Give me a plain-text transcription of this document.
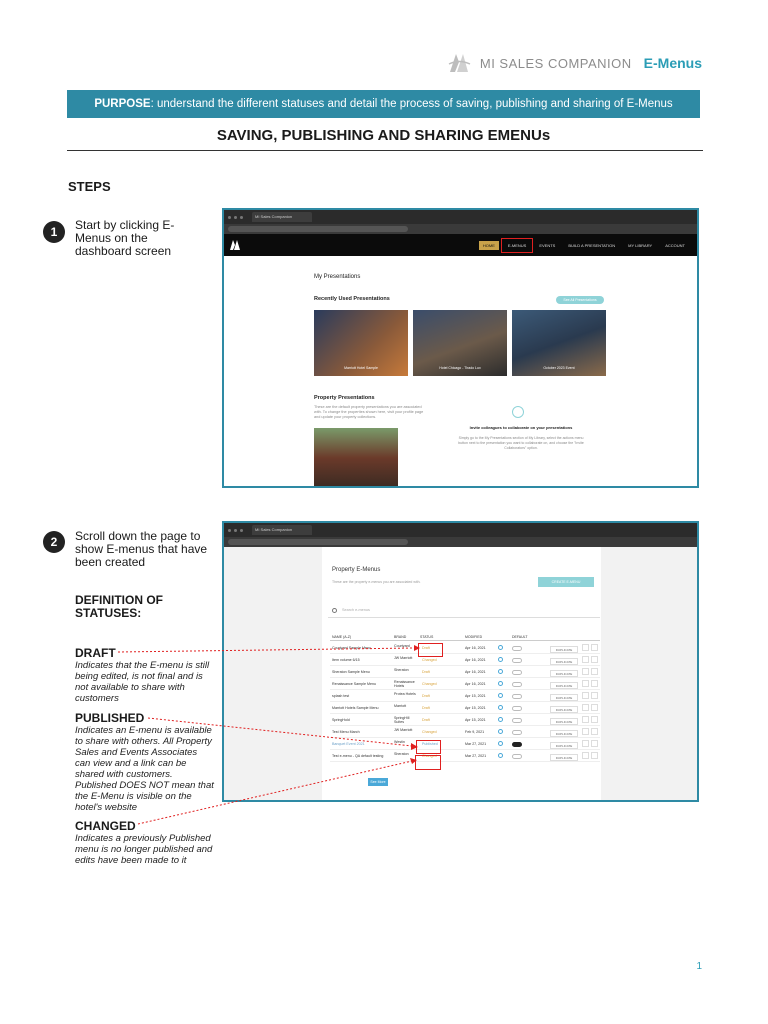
MI SALES COMPANION E-Menus
PURPOSE : understand the different statuses and detail the process of saving, publishing and sharing of E-Menus
SAVING, PUBLISHING AND SHARING EMENUs
STEPS
1	Start by clicking E-Menus on the dashboard screen
2	Scroll down the page to show E-menus that have been created
DEFINITION OF STATUSES:
DRAFT
Indicates that the E-menu is still being edited, is not final and is not available to share with customers
PUBLISHED
Indicates an E-menu is available to share with others. All Property Sales and Events Associates can view and a link can be shared with customers. Published DOES NOT mean that the E-Menu is visible on the hotel's website
CHANGED
Indicates a previously Published menu is no longer published and edits have been made to it
MI Sales Companion
HOME	E-MENUS	EVENTS	BUILD A PRESENTATION	MY LIBRARY	ACCOUNT
My Presentations
Recently Used Presentations	See All Presentations
Marriott Hotel Sample	Hotel Chicago - Tirado Lux	October 2023 Event
Property Presentations
These are the default property presentations you are associated with. To change the properties shown here, visit your profile page and update your property collections.
Invite colleagues to collaborate on your presentations
Simply go to the My Presentations section of My Library, select the actions menu button next to the presentation you want to collaborate on, and choose the "Invite Collaborators" option.
MI Sales Companion
Property E-Menus
These are the property e-menus you are associated with.	CREATE E-MENU
Search e-menus
NAME (A-Z)	BRAND	STATUS	MODIFIED	DEFAULT
Courtyard Sample Menu	Courtyard	Draft	Apr 16, 2021	DUPLICATE
Item volume 6/15	JW Marriott	Changed	Apr 16, 2021	DUPLICATE
Sheraton Sample Menu	Sheraton	Draft	Apr 16, 2021	DUPLICATE
Renaissance Sample Menu	Renaissance Hotels	Changed	Apr 16, 2021	DUPLICATE
splash test	Protea Hotels	Draft	Apr 15, 2021	DUPLICATE
Marriott Hotels Sample Menu	Marriott	Draft	Apr 15, 2021	DUPLICATE
SpringHold	SpringHill Suites	Draft	Apr 15, 2021	DUPLICATE
Test Menu March	JW Marriott	Changed	Feb 9, 2021	DUPLICATE
Banquet Event 2021	Westin	Published	Mar 27, 2021	DUPLICATE
Test e-menu - QA default testing	Sheraton	Changed	Mar 27, 2021	DUPLICATE
See More
1
